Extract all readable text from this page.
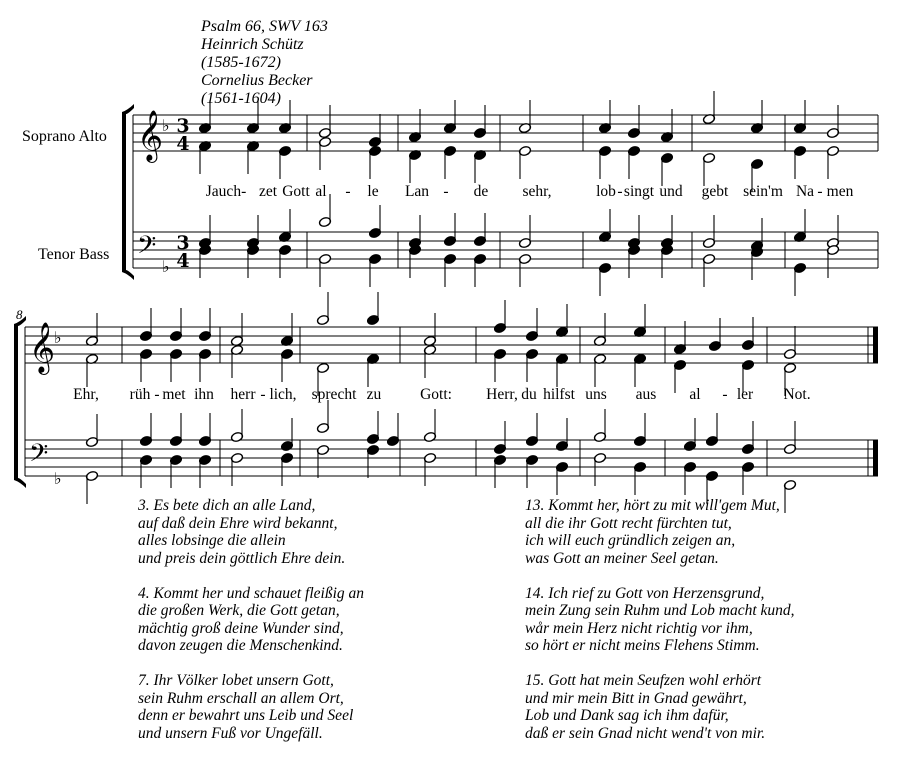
Psalm 66, SWV 163
Heinrich Schütz
(1585-1672)
Cornelius Becker
(1561-1604)
Soprano Alto
Tenor Bass
8
𝄞
𝄢
𝄞
𝄢
♭
♭
♭
♭
3
4
3
4
Jauch- zet Gott al - le Lan - de sehr,	lob - singt und gebt sein'm Na - men
Ehr, rüh - met ihn herr - lich, sprecht zu Gott: Herr, du hilfst uns aus al - ler Not.
3. Es bete dich an alle Land,
auf daß dein Ehre wird bekannt,
alles lobsinge die allein
und preis dein göttlich Ehre dein.
4. Kommt her und schauet fleißig an
die großen Werk, die Gott getan,
mächtig groß deine Wunder sind,
davon zeugen die Menschenkind.
7. Ihr Völker lobet unsern Gott,
sein Ruhm erschall an allem Ort,
denn er bewahrt uns Leib und Seel
und unsern Fuß vor Ungefäll.
13. Kommt her, hört zu mit will'gem Mut,
all die ihr Gott recht fürchten tut,
ich will euch gründlich zeigen an,
was Gott an meiner Seel getan.
14. Ich rief zu Gott von Herzensgrund,
mein Zung sein Ruhm und Lob macht kund,
wår mein Herz nicht richtig vor ihm,
so hört er nicht meins Flehens Stimm.
15. Gott hat mein Seufzen wohl erhört
und mir mein Bitt in Gnad gewährt,
Lob und Dank sag ich ihm dafür,
daß er sein Gnad nicht wend't von mir.
